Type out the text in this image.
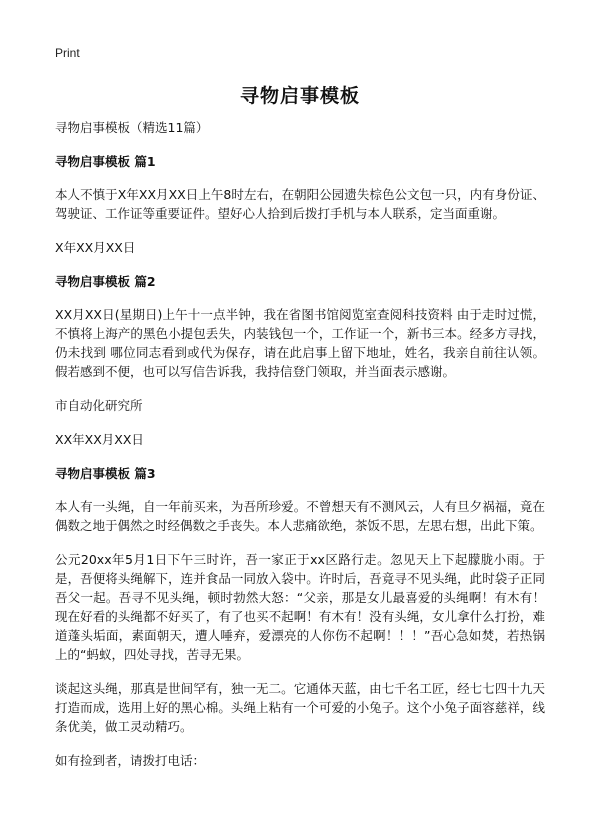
Print
寻物启事模板
寻物启事模板（精选11篇）
寻物启事模板 篇1
本人不慎于X年XX月XX日上午8时左右，在朝阳公园遗失棕色公文包一只，内有身份证、驾驶证、工作证等重要证件。望好心人拾到后拨打手机与本人联系，定当面重谢。
X年XX月XX日
寻物启事模板 篇2
XX月XX日(星期日)上午十一点半钟，我在省图书馆阅览室查阅科技资料 由于走时过慌，不慎将上海产的黑色小提包丢失，内装钱包一个，工作证一个，新书三本。经多方寻找，仍未找到 哪位同志看到或代为保存，请在此启事上留下地址，姓名，我亲自前往认领。假若感到不便，也可以写信告诉我，我持信登门领取，并当面表示感谢。
市自动化研究所
XX年XX月XX日
寻物启事模板 篇3
本人有一头绳，自一年前买来，为吾所珍爱。不曾想天有不测风云，人有旦夕祸福，竟在偶数之地于偶然之时经偶数之手丧失。本人悲痛欲绝，茶饭不思，左思右想，出此下策。
公元20xx年5月1日下午三时许，吾一家正于xx区路行走。忽见天上下起朦胧小雨。于是，吾便将头绳解下，连并食品一同放入袋中。许时后，吾竟寻不见头绳，此时袋子正同吾父一起。吾寻不见头绳，顿时勃然大怒：“父亲，那是女儿最喜爱的头绳啊！有木有！现在好看的头绳都不好买了，有了也买不起啊！有木有！没有头绳，女儿拿什么打扮，难道蓬头垢面，素面朝天，遭人唾弃，爱漂亮的人你伤不起啊！！！”吾心急如焚，若热锅上的“蚂蚁，四处寻找，苦寻无果。
谈起这头绳，那真是世间罕有，独一无二。它通体天蓝，由七千名工匠，经七七四十九天打造而成，选用上好的黑心棉。头绳上粘有一个可爱的小兔子。这个小兔子面容慈祥，线条优美，做工灵动精巧。
如有捡到者，请拨打电话：
